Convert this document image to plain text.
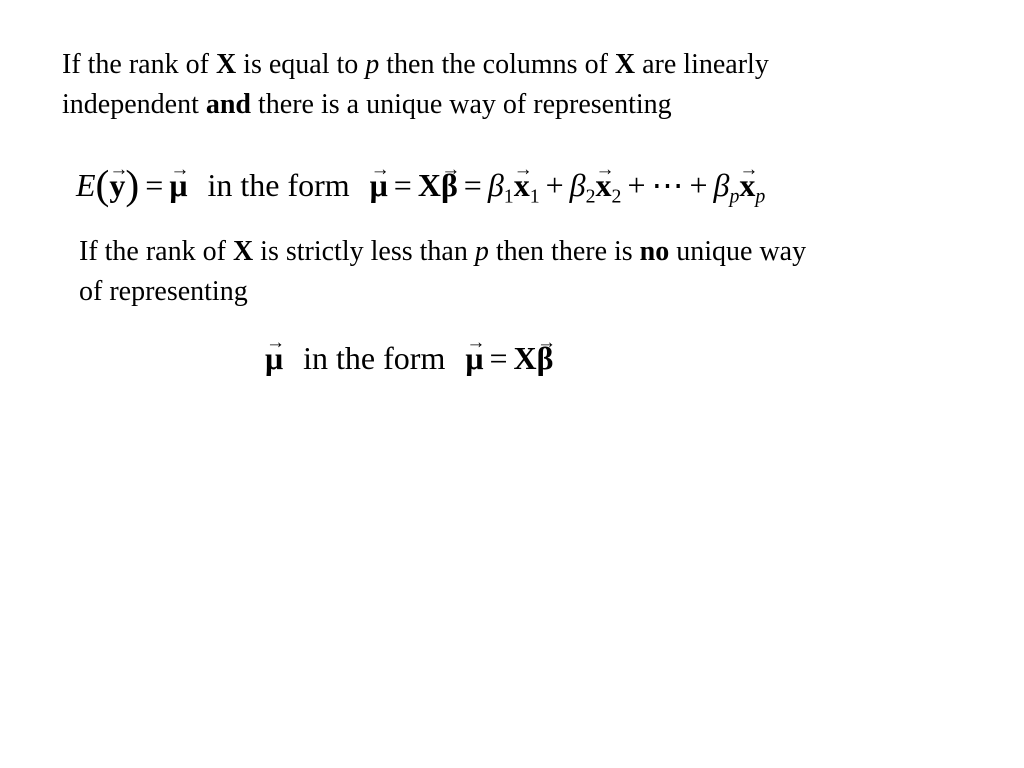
If the rank of X is equal to p then the columns of X are linearly
independent and there is a unique way of representing
E(→ y) = → μ in the form → $\mu = X\to \beta = \beta_1\to x_1 + \beta_2\to x_2$ + ⋯ + $\beta_p\to x_p$
If the rank of X is strictly less than p then there is no unique way
of representing
→ μ in the form → μ = X→ β
